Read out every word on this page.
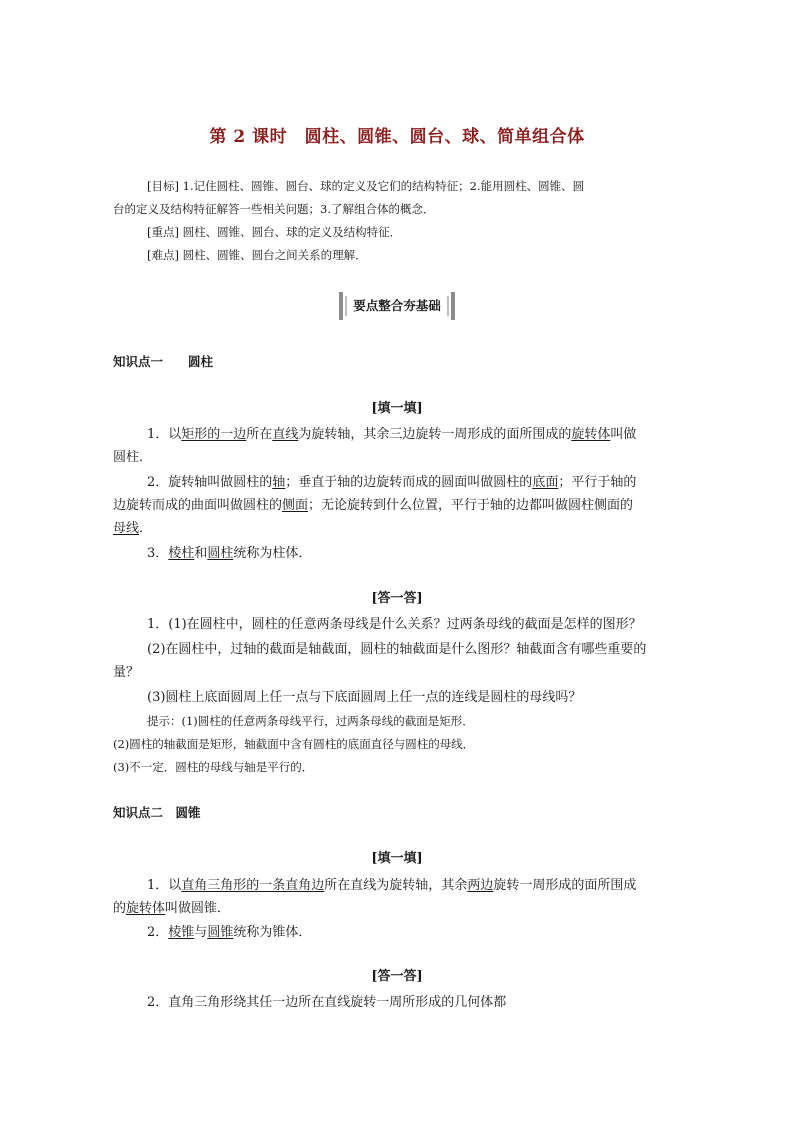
第 2 课时　圆柱、圆锥、圆台、球、简单组合体
[目标] 1.记住圆柱、圆锥、圆台、球的定义及它们的结构特征；2.能用圆柱、圆锥、圆
台的定义及结构特征解答一些相关问题；3.了解组合体的概念．
[重点] 圆柱、圆锥、圆台、球的定义及结构特征．
[难点] 圆柱、圆锥、圆台之间关系的理解．
要点整合夯基础
知识点一　　圆柱
[填一填]
1．以矩形的一边所在直线为旋转轴，其余三边旋转一周形成的面所围成的旋转体叫做
圆柱．
2．旋转轴叫做圆柱的轴；垂直于轴的边旋转而成的圆面叫做圆柱的底面；平行于轴的
边旋转而成的曲面叫做圆柱的侧面；无论旋转到什么位置，平行于轴的边都叫做圆柱侧面的
母线．
3．棱柱和圆柱统称为柱体．
[答一答]
1．(1)在圆柱中，圆柱的任意两条母线是什么关系？过两条母线的截面是怎样的图形？
(2)在圆柱中，过轴的截面是轴截面，圆柱的轴截面是什么图形？轴截面含有哪些重要的
量？
(3)圆柱上底面圆周上任一点与下底面圆周上任一点的连线是圆柱的母线吗？
提示：(1)圆柱的任意两条母线平行，过两条母线的截面是矩形．
(2)圆柱的轴截面是矩形，轴截面中含有圆柱的底面直径与圆柱的母线．
(3)不一定．圆柱的母线与轴是平行的．
知识点二　圆锥
[填一填]
1．以直角三角形的一条直角边所在直线为旋转轴，其余两边旋转一周形成的面所围成
的旋转体叫做圆锥．
2．棱锥与圆锥统称为锥体．
[答一答]
2．直角三角形绕其任一边所在直线旋转一周所形成的几何体都
